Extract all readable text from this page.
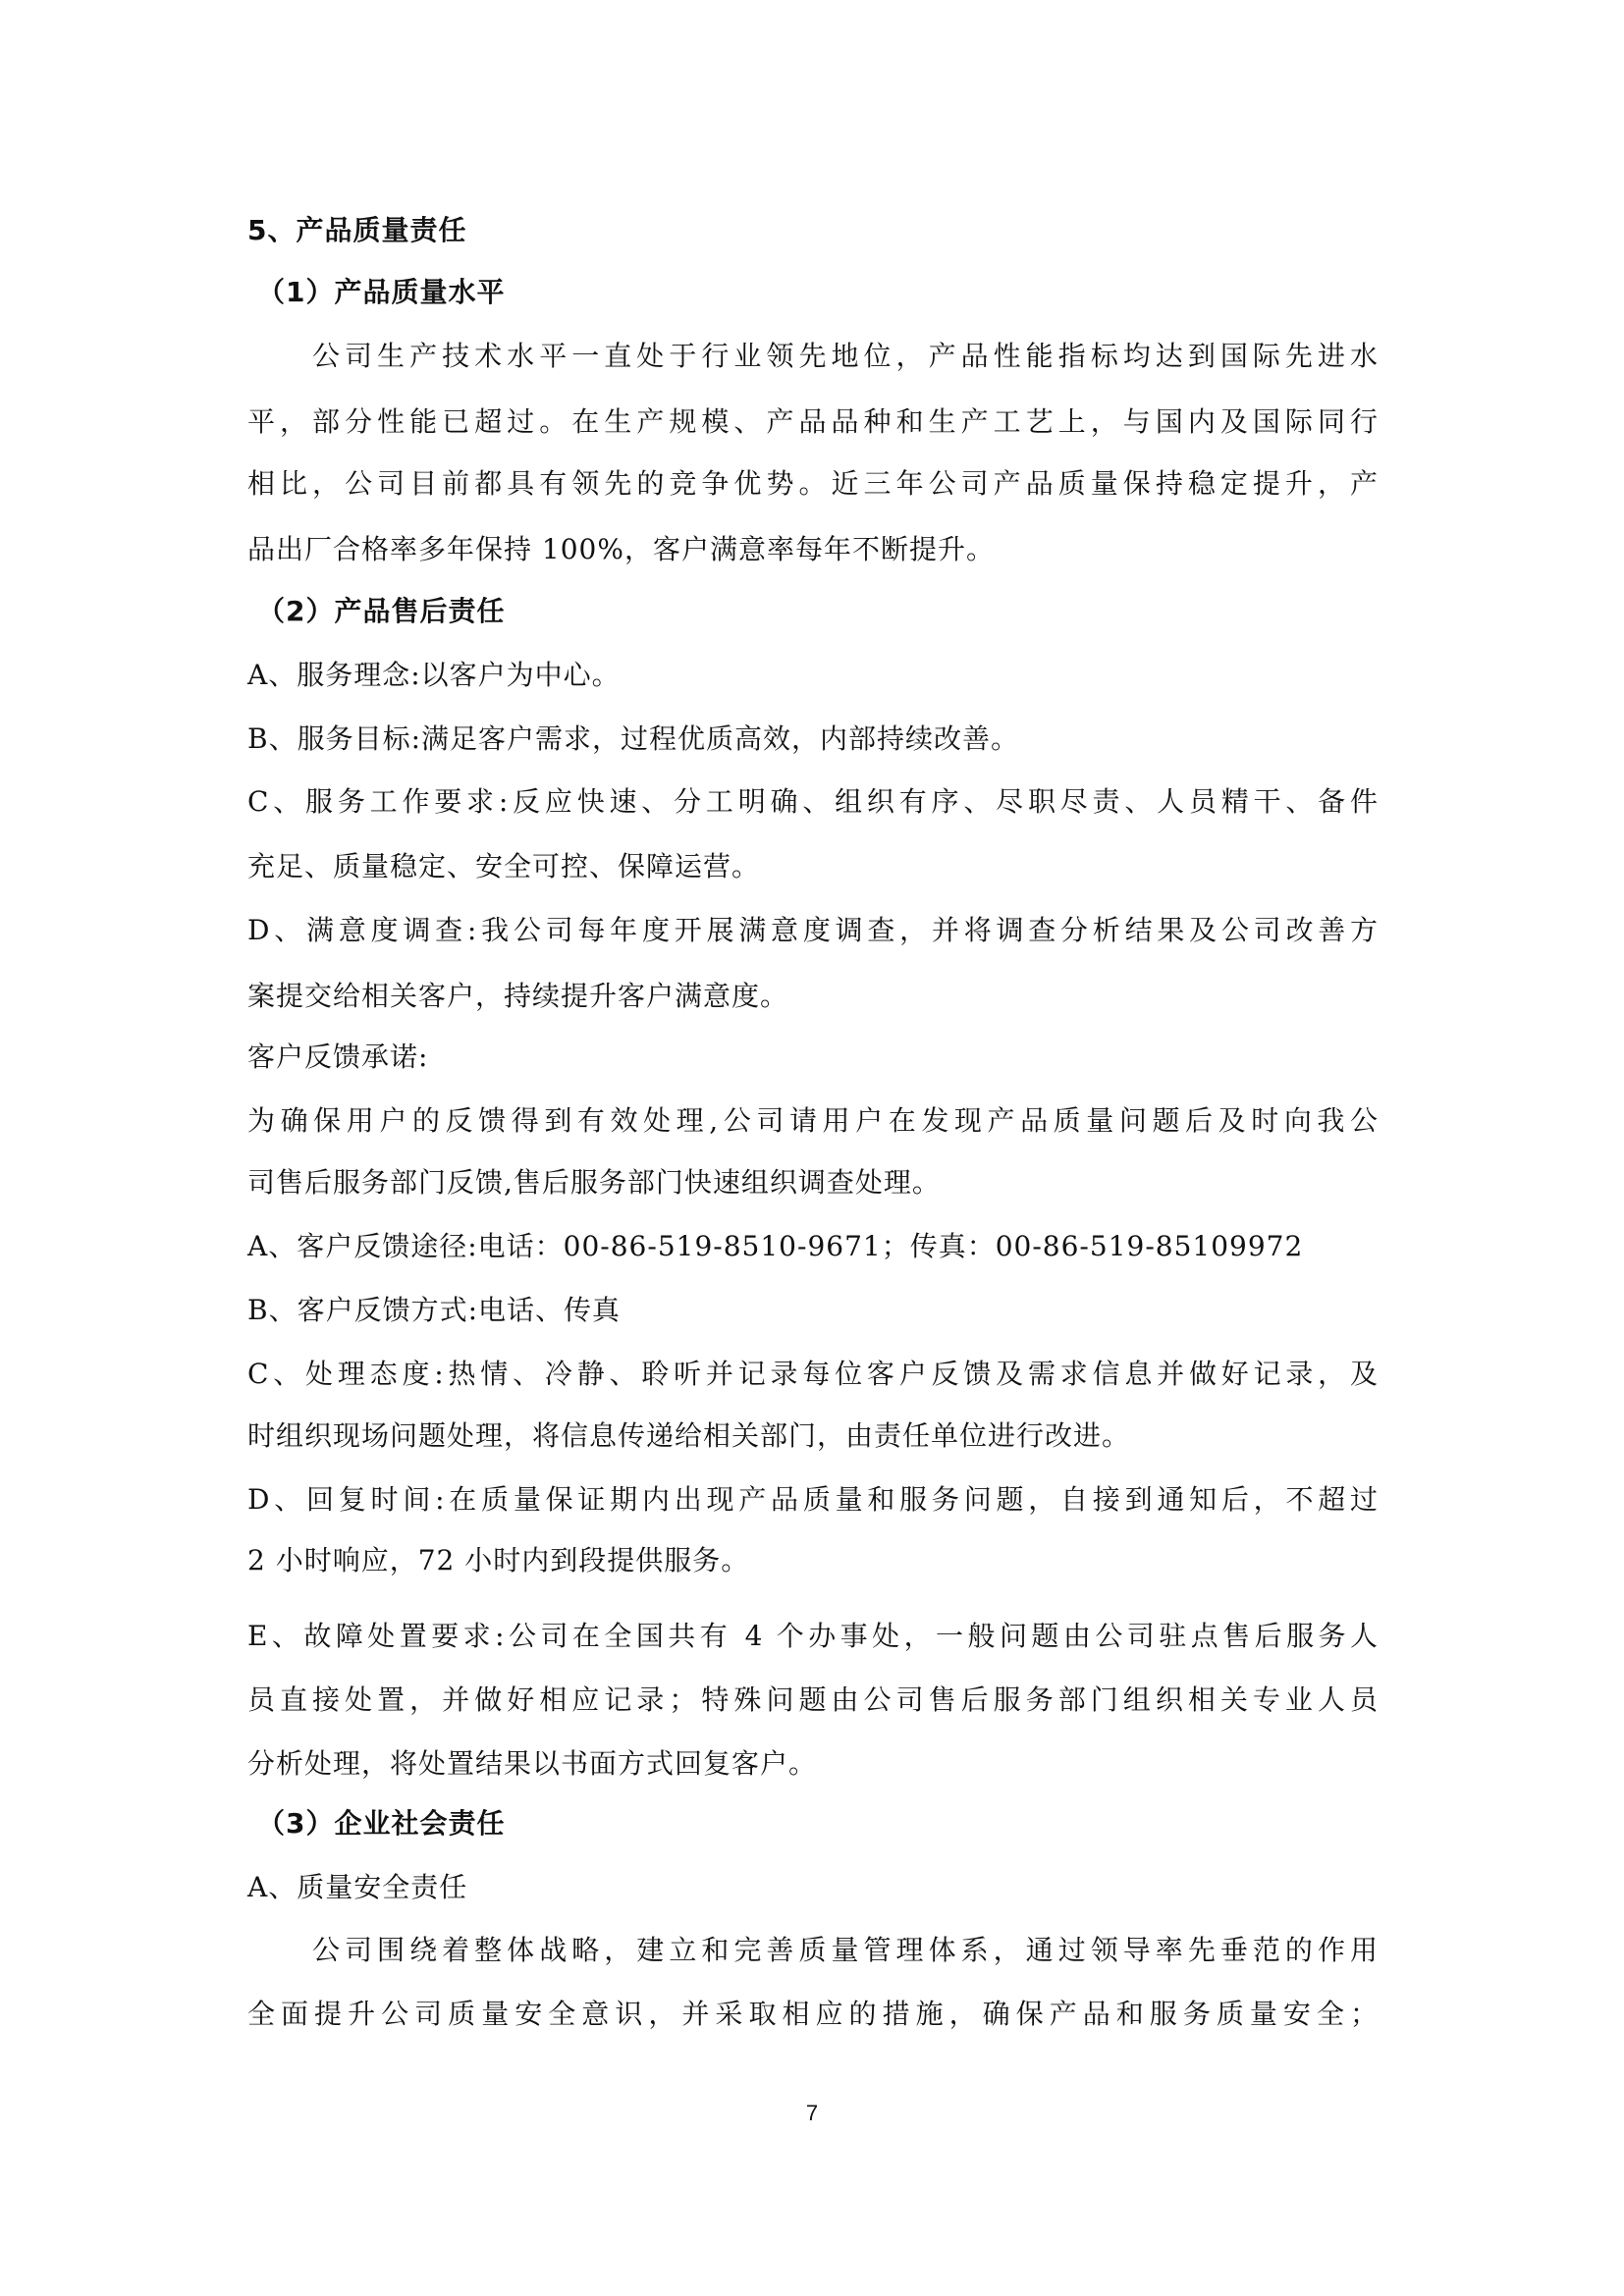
5、产品质量责任
（1）产品质量水平
公司生产技术水平一直处于行业领先地位，产品性能指标均达到国际先进水
平，部分性能已超过。在生产规模、产品品种和生产工艺上，与国内及国际同行
相比，公司目前都具有领先的竞争优势。近三年公司产品质量保持稳定提升，产
品出厂合格率多年保持 100%，客户满意率每年不断提升。
（2）产品售后责任
A、服务理念:以客户为中心。
B、服务目标:满足客户需求，过程优质高效，内部持续改善。
C、服务工作要求:反应快速、分工明确、组织有序、尽职尽责、人员精干、备件
充足、质量稳定、安全可控、保障运营。
D、满意度调查:我公司每年度开展满意度调查，并将调查分析结果及公司改善方
案提交给相关客户，持续提升客户满意度。
客户反馈承诺:
为确保用户的反馈得到有效处理,公司请用户在发现产品质量问题后及时向我公
司售后服务部门反馈,售后服务部门快速组织调查处理。
A、客户反馈途径:电话：00-86-519-8510-9671；传真：00-86-519-85109972
B、客户反馈方式:电话、传真
C、处理态度:热情、冷静、聆听并记录每位客户反馈及需求信息并做好记录，及
时组织现场问题处理，将信息传递给相关部门，由责任单位进行改进。
D、回复时间:在质量保证期内出现产品质量和服务问题，自接到通知后，不超过
2 小时响应，72 小时内到段提供服务。
E、故障处置要求:公司在全国共有 4 个办事处，一般问题由公司驻点售后服务人
员直接处置，并做好相应记录；特殊问题由公司售后服务部门组织相关专业人员
分析处理，将处置结果以书面方式回复客户。
（3）企业社会责任
A、质量安全责任
公司围绕着整体战略，建立和完善质量管理体系，通过领导率先垂范的作用
全面提升公司质量安全意识，并采取相应的措施，确保产品和服务质量安全；
7
